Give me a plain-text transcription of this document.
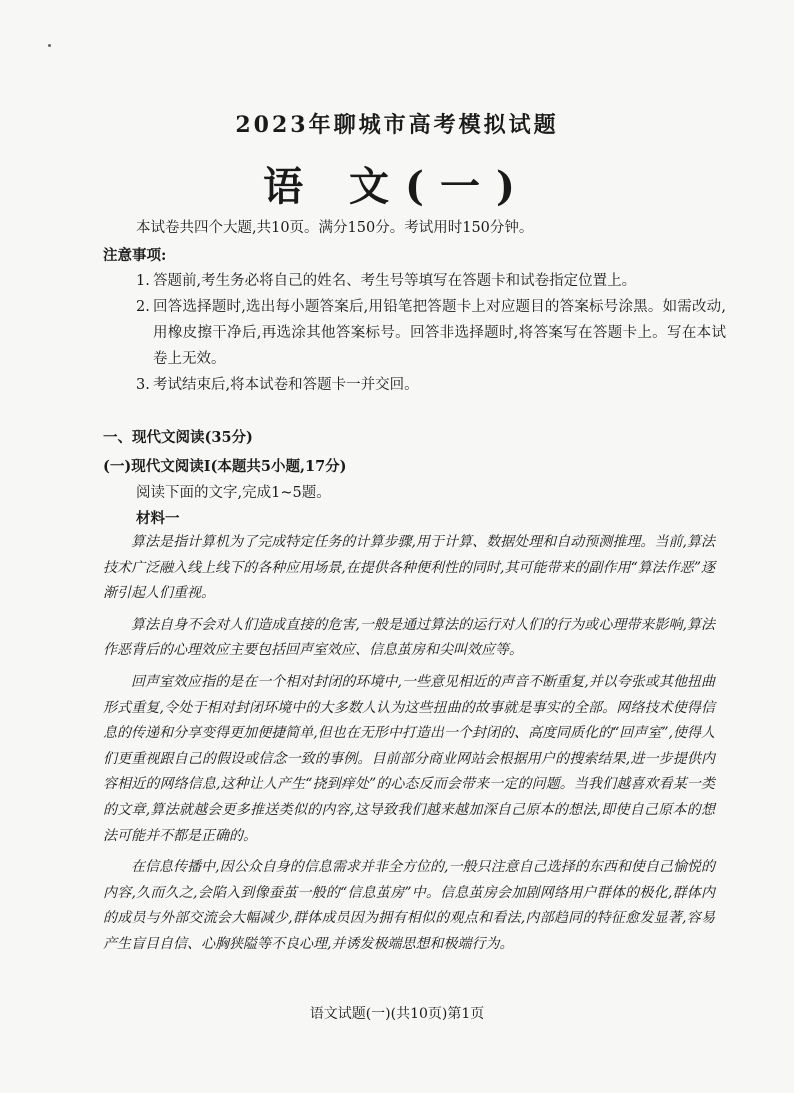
2023年聊城市高考模拟试题
语 文(一)
本试卷共四个大题,共10页。满分150分。考试用时150分钟。
注意事项:
1. 答题前,考生务必将自己的姓名、考生号等填写在答题卡和试卷指定位置上。
2. 回答选择题时,选出每小题答案后,用铅笔把答题卡上对应题目的答案标号涂黑。如需改动,用橡皮擦干净后,再选涂其他答案标号。回答非选择题时,将答案写在答题卡上。写在本试卷上无效。
3. 考试结束后,将本试卷和答题卡一并交回。
一、现代文阅读(35分)
(一)现代文阅读Ⅰ(本题共5小题,17分)
阅读下面的文字,完成1~5题。
材料一

算法是指计算机为了完成特定任务的计算步骤,用于计算、数据处理和自动预测推理。当前,算法技术广泛融入线上线下的各种应用场景,在提供各种便利性的同时,其可能带来的副作用“算法作恶”逐渐引起人们重视。

算法自身不会对人们造成直接的危害,一般是通过算法的运行对人们的行为或心理带来影响,算法作恶背后的心理效应主要包括回声室效应、信息茧房和尖叫效应等。

回声室效应指的是在一个相对封闭的环境中,一些意见相近的声音不断重复,并以夸张或其他扭曲形式重复,令处于相对封闭环境中的大多数人认为这些扭曲的故事就是事实的全部。网络技术使得信息的传递和分享变得更加便捷简单,但也在无形中打造出一个封闭的、高度同质化的“回声室”,使得人们更重视跟自己的假设或信念一致的事例。目前部分商业网站会根据用户的搜索结果,进一步提供内容相近的网络信息,这种让人产生“挠到痒处”的心态反而会带来一定的问题。当我们越喜欢看某一类的文章,算法就越会更多推送类似的内容,这导致我们越来越加深自己原本的想法,即使自己原本的想法可能并不都是正确的。

在信息传播中,因公众自身的信息需求并非全方位的,一般只注意自己选择的东西和使自己愉悦的内容,久而久之,会陷入到像蚕茧一般的“信息茧房”中。信息茧房会加剧网络用户群体的极化,群体内的成员与外部交流会大幅减少,群体成员因为拥有相似的观点和看法,内部趋同的特征愈发显著,容易产生盲目自信、心胸狭隘等不良心理,并诱发极端思想和极端行为。

语文试题(一)(共10页)第1页
